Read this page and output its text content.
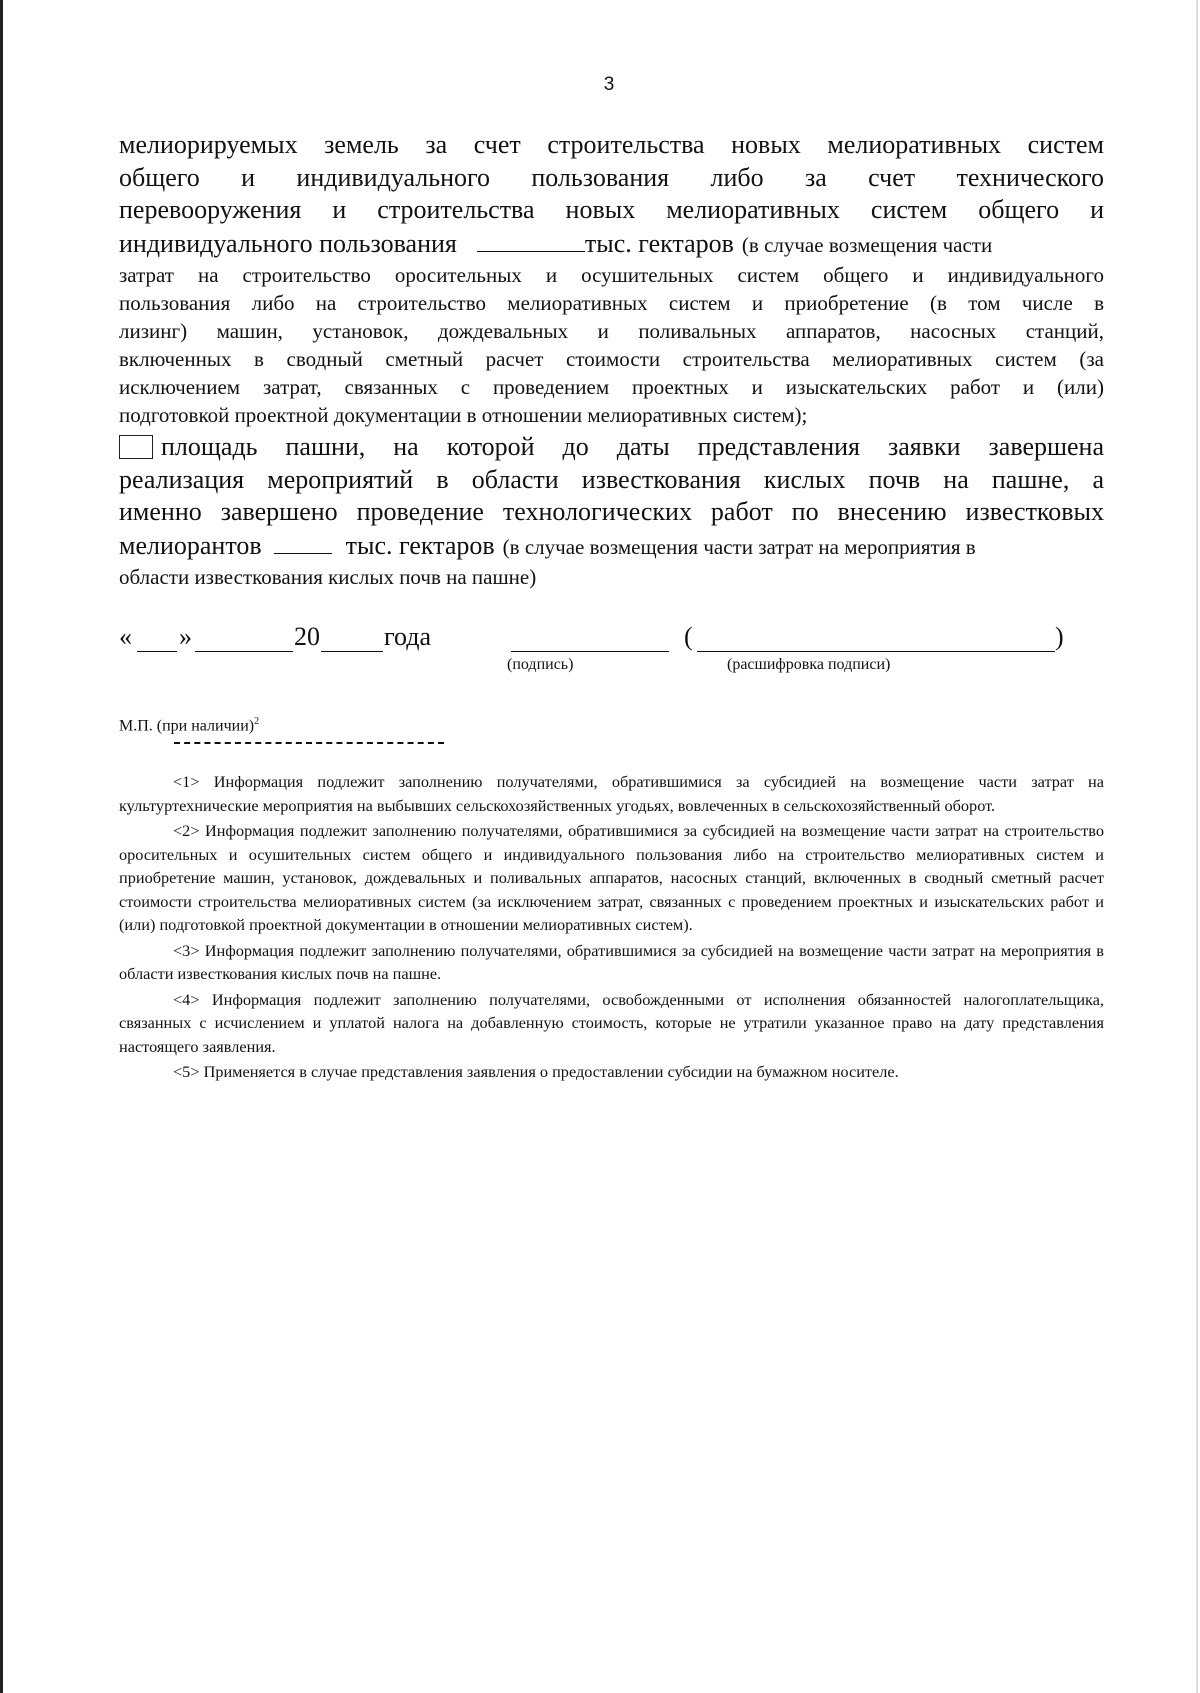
3
мелиорируемых земель за счет строительства новых мелиоративных систем
общего и индивидуального пользования либо за счет технического
перевооружения и строительства новых мелиоративных систем общего и
индивидуального пользования	тыс. гектаров (в случае возмещения части
затрат на строительство оросительных и осушительных систем общего и индивидуального
пользования либо на строительство мелиоративных систем и приобретение (в том числе в
лизинг) машин, установок, дождевальных и поливальных аппаратов, насосных станций,
включенных в сводный сметный расчет стоимости строительства мелиоративных систем (за
исключением затрат, связанных с проведением проектных и изыскательских работ и (или)
подготовкой проектной документации в отношении мелиоративных систем);
площадь пашни, на которой до даты представления заявки завершена
реализация мероприятий в области известкования кислых почв на пашне, а
именно завершено проведение технологических работ по внесению известковых
мелиорантов	тыс. гектаров (в случае возмещения части затрат на мероприятия в
области известкования кислых почв на пашне)
« »	20 года	(	)
(подпись)	(расшифровка подписи)
М.П. (при наличии)$^2$

<1> Информация подлежит заполнению получателями, обратившимися за субсидией на возмещение части затрат на культуртехнические мероприятия на выбывших сельскохозяйственных угодьях, вовлеченных в сельскохозяйственный оборот.

<2> Информация подлежит заполнению получателями, обратившимися за субсидией на возмещение части затрат на строительство оросительных и осушительных систем общего и индивидуального пользования либо на строительство мелиоративных систем и приобретение машин, установок, дождевальных и поливальных аппаратов, насосных станций, включенных в сводный сметный расчет стоимости строительства мелиоративных систем (за исключением затрат, связанных с проведением проектных и изыскательских работ и (или) подготовкой проектной документации в отношении мелиоративных систем).

<3> Информация подлежит заполнению получателями, обратившимися за субсидией на возмещение части затрат на мероприятия в области известкования кислых почв на пашне.

<4> Информация подлежит заполнению получателями, освобожденными от исполнения обязанностей налогоплательщика, связанных с исчислением и уплатой налога на добавленную стоимость, которые не утратили указанное право на дату представления настоящего заявления.

<5> Применяется в случае представления заявления о предоставлении субсидии на бумажном носителе.
